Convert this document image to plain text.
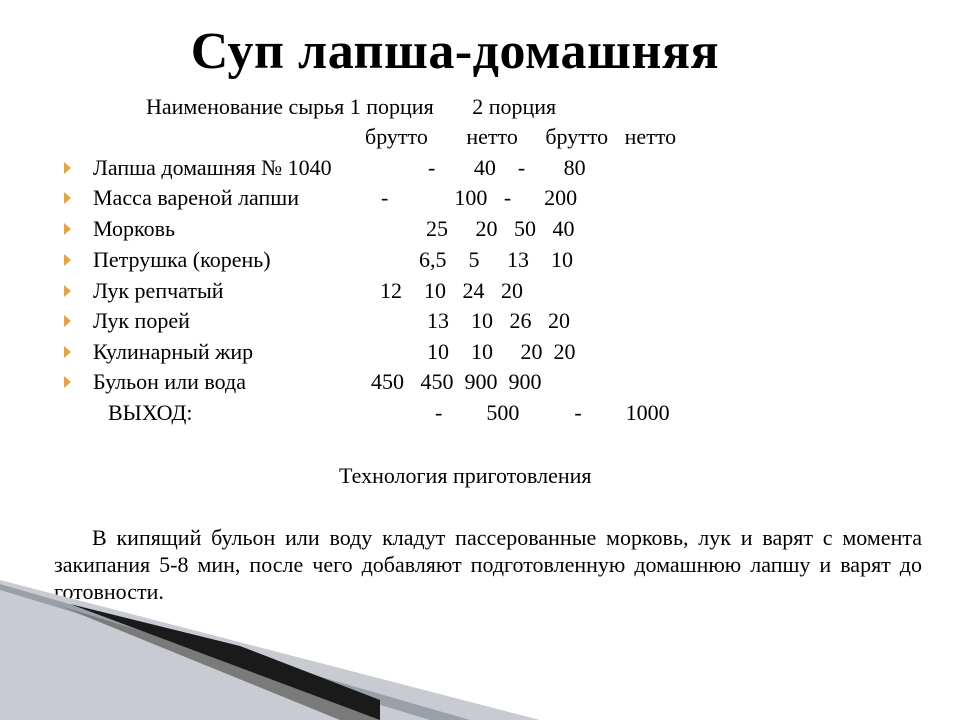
Суп лапша-домашняя
Наименование сырья 1 порция       2 порция
брутто       нетто     брутто   нетто
Лапша домашняя № 1040	-       40    -       80
Масса вареной лапши	-            100   -      200
Морковь	25     20   50   40
Петрушка (корень)	6,5    5     13    10
Лук репчатый	12    10   24   20
Лук порей	13    10   26   20
Кулинарный жир	10    10     20  20
Бульон или вода	450   450  900  900
ВЫХОД:	-        500          -        1000
Технология приготовления
В кипящий бульон или воду кладут пассерованные морковь, лук и варят с момента закипания 5-8 мин, после чего добавляют подготовленную домашнюю лапшу и варят до готовности.
